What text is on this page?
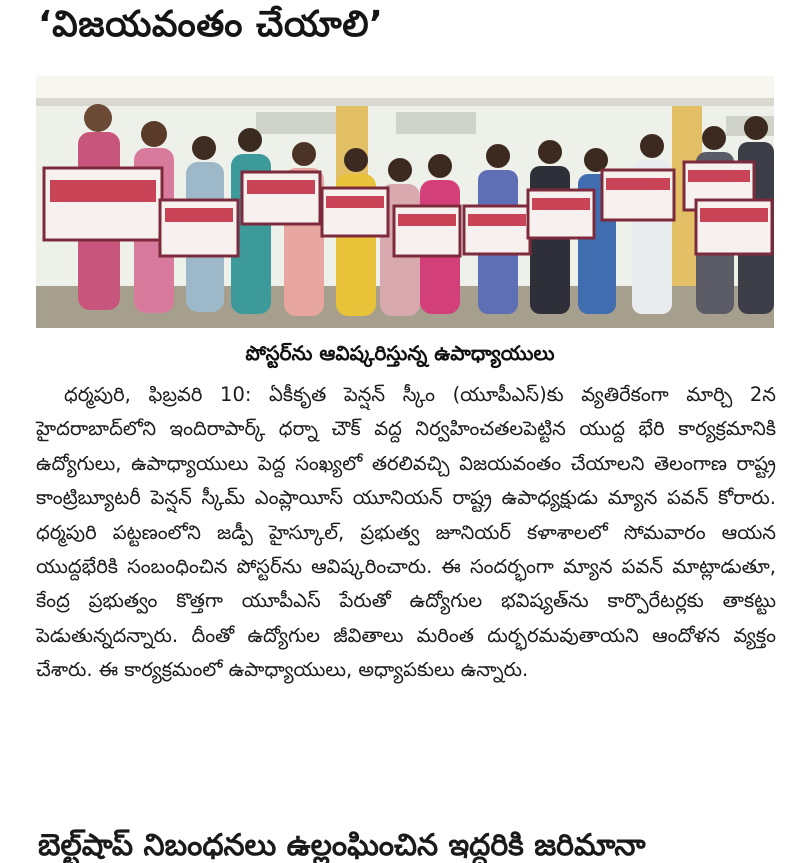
‘విజయవంతం చేయాలి’
పోస్టర్‌ను ఆవిష్కరిస్తున్న ఉపాధ్యాయులు

ధర్మపురి, ఫిబ్రవరి 10: ఏకీకృత పెన్షన్ స్కీం (యూపీఎస్)కు వ్యతిరేకంగా మార్చి 2న హైదరాబాద్‌లోని ఇందిరాపార్క్ ధర్నా చౌక్ వద్ద నిర్వహించతలపెట్టిన యుద్ద భేరి కార్యక్రమానికి ఉద్యోగులు, ఉపాధ్యాయులు పెద్ద సంఖ్యలో తరలివచ్చి విజయవంతం చేయాలని తెలంగాణ రాష్ట్ర కాంట్రిబ్యూటరీ పెన్షన్ స్కీమ్ ఎంప్లాయీస్ యూనియన్ రాష్ట్ర ఉపాధ్యక్షుడు మ్యాన పవన్ కోరారు. ధర్మపురి పట్టణంలోని జడ్పీ హైస్కూల్, ప్రభుత్వ జూనియర్ కళాశాలలో సోమవారం ఆయన యుద్దభేరికి సంబంధించిన పోస్టర్‌ను ఆవిష్కరించారు. ఈ సందర్భంగా మ్యాన పవన్ మాట్లాడుతూ, కేంద్ర ప్రభుత్వం కొత్తగా యూపీఎస్ పేరుతో ఉద్యోగుల భవిష్యత్‌ను కార్పొరేటర్లకు తాకట్టు పెడుతున్నదన్నారు. దీంతో ఉద్యోగుల జీవితాలు మరింత దుర్భరమవుతాయని ఆందోళన వ్యక్తం చేశారు. ఈ కార్యక్రమంలో ఉపాధ్యాయులు, అధ్యాపకులు ఉన్నారు.

బెల్ట్‌షాప్ నిబంధనలు ఉల్లంఘించిన ఇద్దరికి జరిమానా
